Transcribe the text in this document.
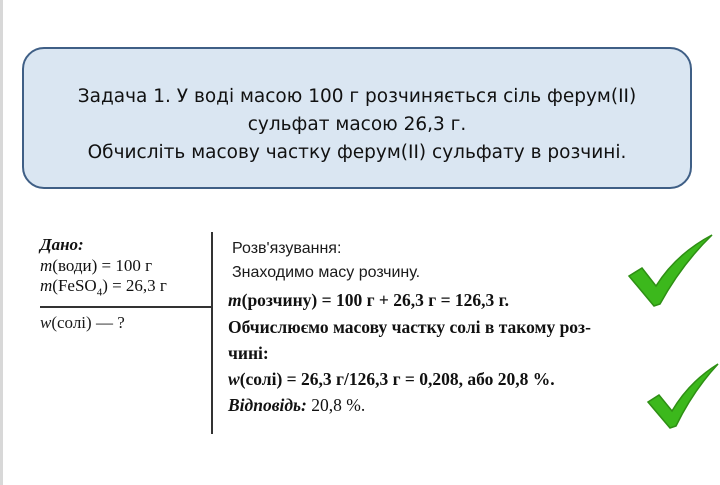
Задача 1. У воді масою 100 г розчиняється сіль ферум(ІІ)
сульфат масою 26,3 г.
Обчисліть масову частку ферум(ІІ) сульфату в розчині.
Дано:
m(води) = 100 г
m(FeSO$_4$) = 26,3 г
w(солі) — ?
Розв'язування:
Знаходимо масу розчину.
m(розчину) = 100 г + 26,3 г = 126,3 г.
Обчислюємо масову частку солі в такому роз-
чині:
w(солі) = 26,3 г/126,3 г = 0,208, або 20,8 %.
Відповідь: 20,8 %.
